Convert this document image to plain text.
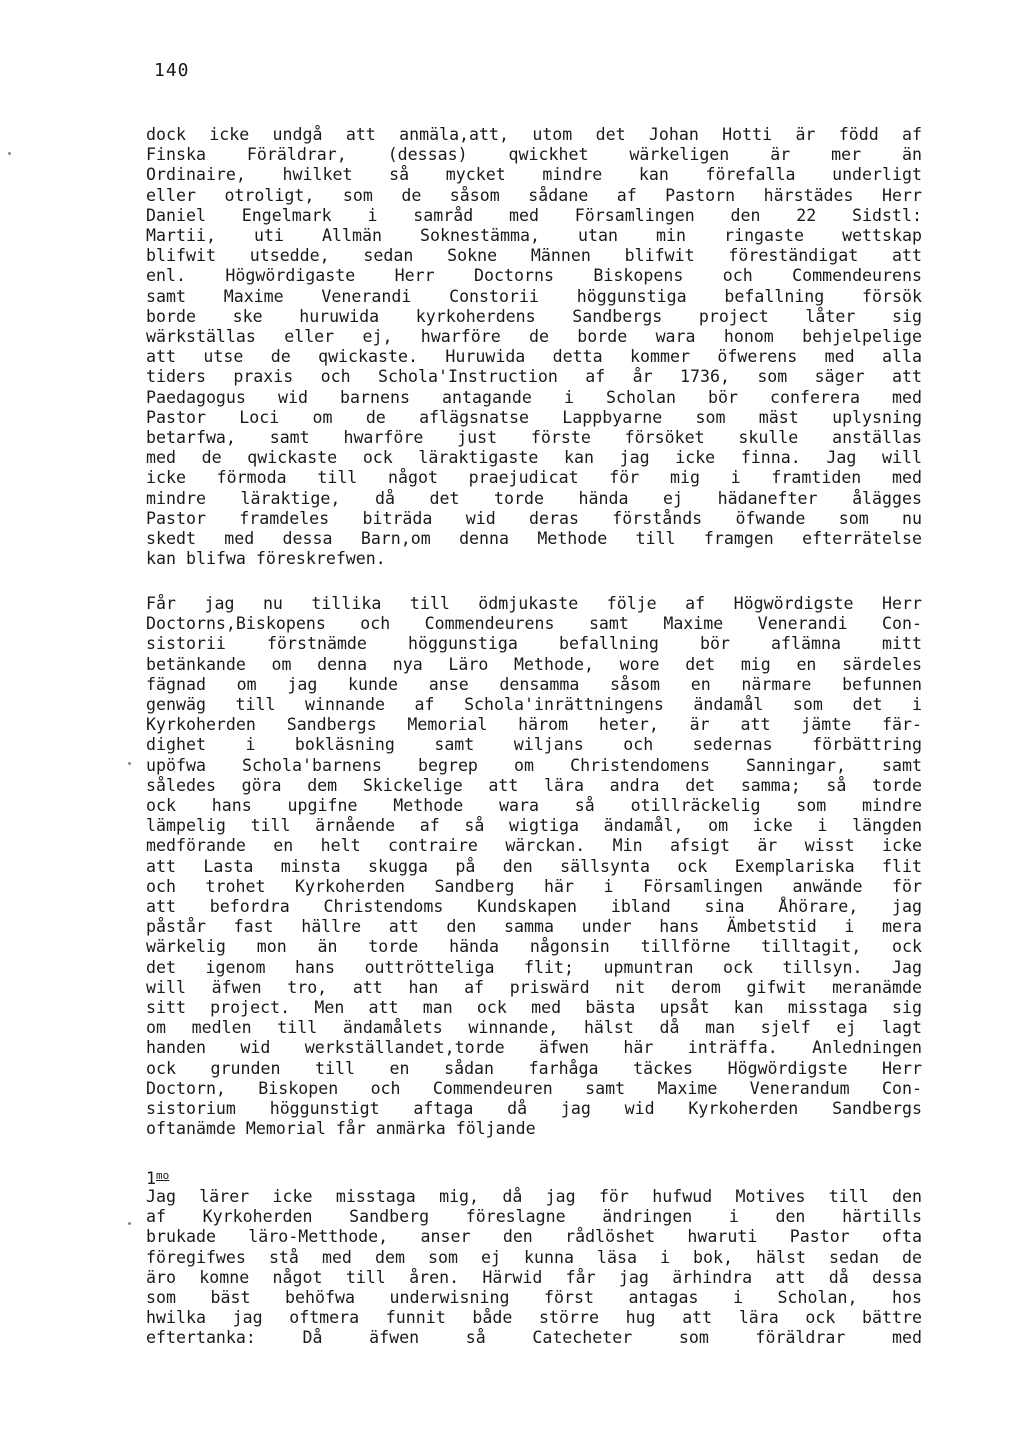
140
dock icke undgå att anmäla,att, utom det Johan Hotti är född af
Finska Föräldrar, (dessas) qwickhet wärkeligen är mer än
Ordinaire, hwilket så mycket mindre kan förefalla underligt
eller otroligt, som de såsom sådane af Pastorn härstädes Herr
Daniel Engelmark i samråd med Församlingen den 22 Sidstl:
Martii, uti Allmän Soknestämma, utan min ringaste wettskap
blifwit utsedde, sedan Sokne Männen blifwit föreständigat att
enl. Högwördigaste Herr Doctorns Biskopens och Commendeurens
samt Maxime Venerandi Constorii höggunstiga befallning försök
borde ske huruwida kyrkoherdens Sandbergs project låter sig
wärkställas eller ej, hwarföre de borde wara honom behjelpelige
att utse de qwickaste. Huruwida detta kommer öfwerens med alla
tiders praxis och Schola'Instruction af år 1736, som säger att
Paedagogus wid barnens antagande i Scholan bör conferera med
Pastor Loci om de aflägsnatse Lappbyarne som mäst uplysning
betarfwa, samt hwarföre just förste försöket skulle anställas
med de qwickaste ock läraktigaste kan jag icke finna. Jag will
icke förmoda till något praejudicat för mig i framtiden med
mindre läraktige, då det torde hända ej hädanefter ålägges
Pastor framdeles biträda wid deras förstånds öfwande som nu
skedt med dessa Barn,om denna Methode till framgen efterrätelse
kan blifwa föreskrefwen.
Får jag nu tillika till ödmjukaste följe af Högwördigste Herr
Doctorns,Biskopens och Commendeurens samt Maxime Venerandi Con-
sistorii förstnämde höggunstiga befallning bör aflämna mitt
betänkande om denna nya Läro Methode, wore det mig en särdeles
fägnad om jag kunde anse densamma såsom en närmare befunnen
genwäg till winnande af Schola'inrättningens ändamål som det i
Kyrkoherden Sandbergs Memorial härom heter, är att jämte fär-
dighet i bokläsning samt wiljans och sedernas förbättring
upöfwa Schola'barnens begrep om Christendomens Sanningar, samt
således göra dem Skickelige att lära andra det samma; så torde
ock hans upgifne Methode wara så otillräckelig som mindre
lämpelig till ärnående af så wigtiga ändamål, om icke i längden
medförande en helt contraire wärckan. Min afsigt är wisst icke
att Lasta minsta skugga på den sällsynta ock Exemplariska flit
och trohet Kyrkoherden Sandberg här i Församlingen anwände för
att befordra Christendoms Kundskapen ibland sina Åhörare, jag
påstår fast hällre att den samma under hans Ämbetstid i mera
wärkelig mon än torde hända någonsin tillförne tilltagit, ock
det igenom hans outtrötteliga flit; upmuntran ock tillsyn. Jag
will äfwen tro, att han af priswärd nit derom gifwit meranämde
sitt project. Men att man ock med bästa upsåt kan misstaga sig
om medlen till ändamålets winnande, hälst då man sjelf ej lagt
handen wid werkställandet,torde äfwen här inträffa. Anledningen
ock grunden till en sådan farhåga täckes Högwördigste Herr
Doctorn, Biskopen och Commendeuren samt Maxime Venerandum Con-
sistorium höggunstigt aftaga då jag wid Kyrkoherden Sandbergs
oftanämde Memorial får anmärka följande
$1^{mo}$
Jag lärer icke misstaga mig, då jag för hufwud Motives till den
af Kyrkoherden Sandberg föreslagne ändringen i den härtills
brukade läro-Metthode, anser den rådlöshet hwaruti Pastor ofta
föregifwes stå med dem som ej kunna läsa i bok, hälst sedan de
äro komne något till åren. Härwid får jag ärhindra att då dessa
som bäst behöfwa underwisning först antagas i Scholan, hos
hwilka jag oftmera funnit både större hug att lära ock bättre
eftertanka: Då äfwen så Catecheter som föräldrar med
